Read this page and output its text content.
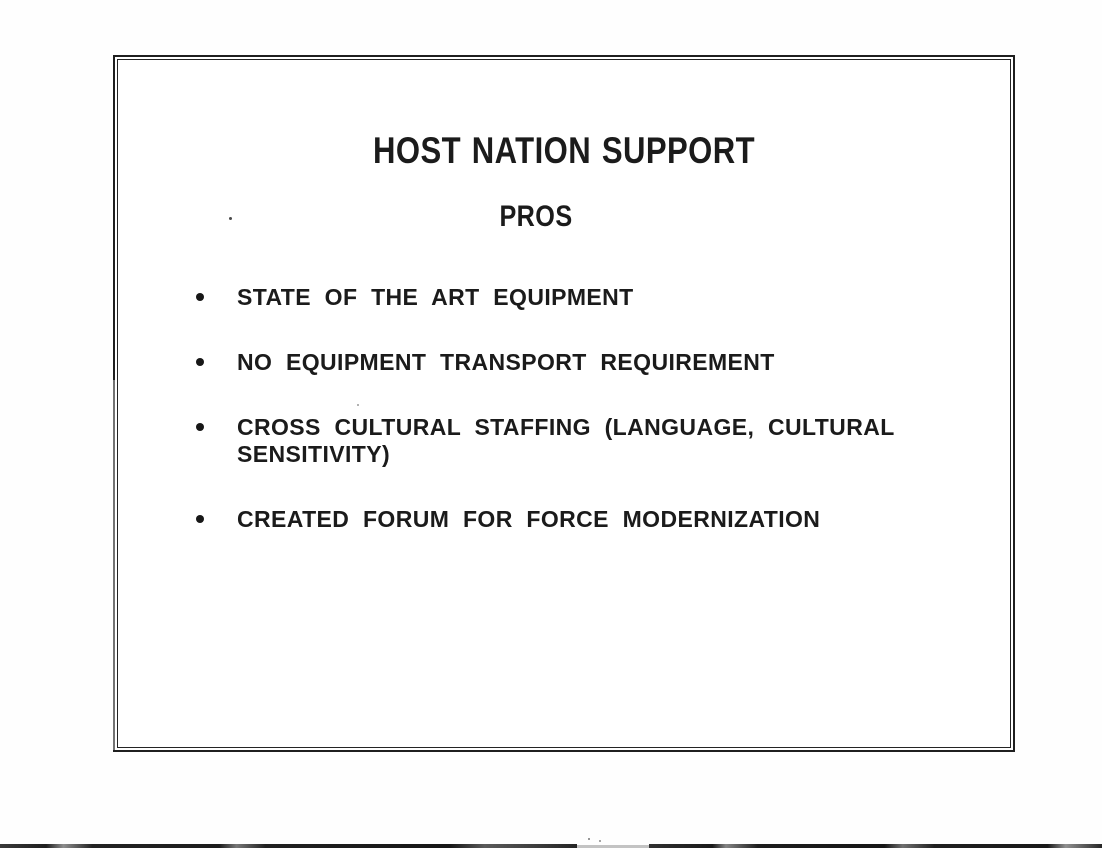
HOST NATION SUPPORT
PROS
STATE OF THE ART EQUIPMENT
NO EQUIPMENT TRANSPORT REQUIREMENT
CROSS CULTURAL STAFFING (LANGUAGE, CULTURAL SENSITIVITY)
CREATED FORUM FOR FORCE MODERNIZATION
